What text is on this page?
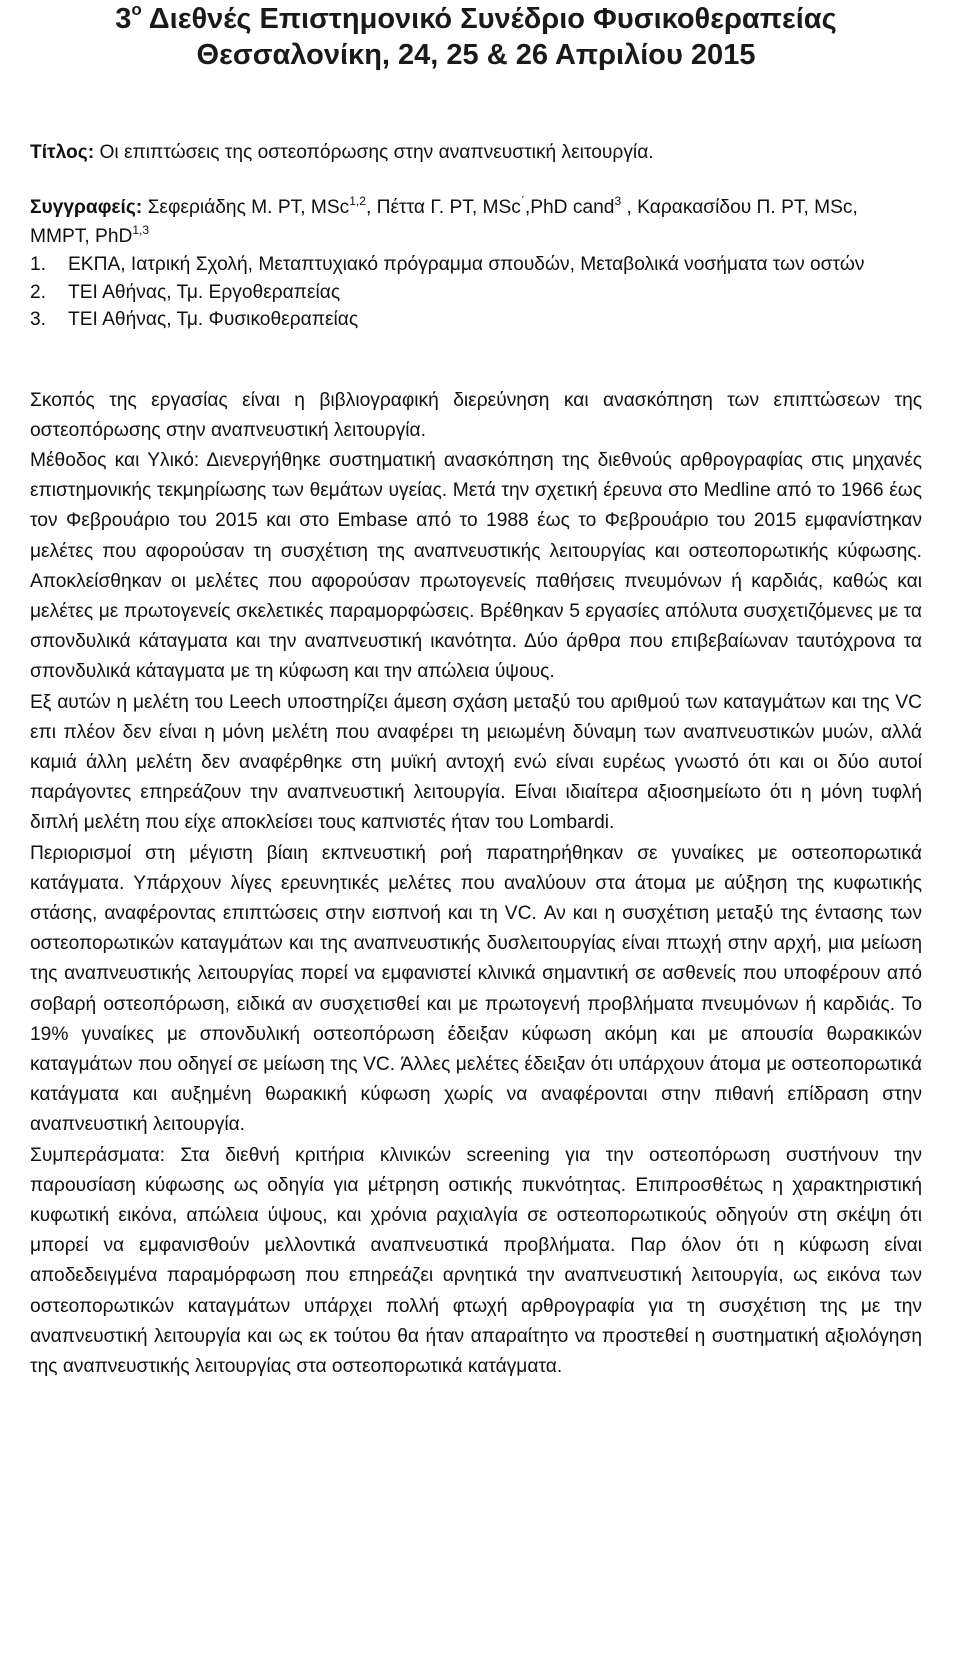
$3^o$ Διεθνές Επιστημονικό Συνέδριο Φυσικοθεραπείας
Θεσσαλονίκη, 24, 25 & 26 Απριλίου 2015
Τίτλος: Οι επιπτώσεις της οστεοπόρωσης στην αναπνευστική λειτουργία.
Συγγραφείς: Σεφεριάδης Μ. PT, MSc$^{1,2}$, Πέττα Γ. PT, MSc΄,PhD cand$^3$ , Καρακασίδου Π. PT, MSc, MMPT, PhD$^{1,3}$
1. ΕΚΠΑ, Ιατρική Σχολή, Μεταπτυχιακό πρόγραμμα σπουδών, Μεταβολικά νοσήματα των οστών
2. ΤΕΙ Αθήνας, Τμ. Εργοθεραπείας
3. ΤΕΙ Αθήνας, Τμ. Φυσικοθεραπείας

Σκοπός της εργασίας είναι η βιβλιογραφική διερεύνηση και ανασκόπηση των επιπτώσεων της οστεοπόρωσης στην αναπνευστική λειτουργία.

Μέθοδος και Υλικό: Διενεργήθηκε συστηματική ανασκόπηση της διεθνούς αρθρογραφίας στις μηχανές επιστημονικής τεκμηρίωσης των θεμάτων υγείας. Μετά την σχετική έρευνα στο Medline από το 1966 έως τον Φεβρουάριο του 2015 και στο Embase από το 1988 έως το Φεβρουάριο του 2015 εμφανίστηκαν μελέτες που αφορούσαν τη συσχέτιση της αναπνευστικής λειτουργίας και οστεοπορωτικής κύφωσης. Αποκλείσθηκαν οι μελέτες που αφορούσαν πρωτογενείς παθήσεις πνευμόνων ή καρδιάς, καθώς και μελέτες με πρωτογενείς σκελετικές παραμορφώσεις. Βρέθηκαν 5 εργασίες απόλυτα συσχετιζόμενες με τα σπονδυλικά κάταγματα και την αναπνευστική ικανότητα. Δύο άρθρα που επιβεβαίωναν ταυτόχρονα τα σπονδυλικά κάταγματα με τη κύφωση και την απώλεια ύψους.

Εξ αυτών η μελέτη του Leech υποστηρίζει άμεση σχάση μεταξύ του αριθμού των καταγμάτων και της VC επι πλέον δεν είναι η μόνη μελέτη που αναφέρει τη μειωμένη δύναμη των αναπνευστικών μυών, αλλά καμιά άλλη μελέτη δεν αναφέρθηκε στη μυϊκή αντοχή ενώ είναι ευρέως γνωστό ότι και οι δύο αυτοί παράγοντες επηρεάζουν την αναπνευστική λειτουργία. Είναι ιδιαίτερα αξιοσημείωτο ότι η μόνη τυφλή διπλή μελέτη που είχε αποκλείσει τους καπνιστές ήταν του Lombardi.

Περιορισμοί στη μέγιστη βίαιη εκπνευστική ροή παρατηρήθηκαν σε γυναίκες με οστεοπορωτικά κατάγματα. Υπάρχουν λίγες ερευνητικές μελέτες που αναλύουν στα άτομα με αύξηση της κυφωτικής στάσης, αναφέροντας επιπτώσεις στην εισπνοή και τη VC. Αν και η συσχέτιση μεταξύ της έντασης των οστεοπορωτικών καταγμάτων και της αναπνευστικής δυσλειτουργίας είναι πτωχή στην αρχή, μια μείωση της αναπνευστικής λειτουργίας πορεί να εμφανιστεί κλινικά σημαντική σε ασθενείς που υποφέρουν από σοβαρή οστεοπόρωση, ειδικά αν συσχετισθεί και με πρωτογενή προβλήματα πνευμόνων ή καρδιάς. Το 19% γυναίκες με σπονδυλική οστεοπόρωση έδειξαν κύφωση ακόμη και με απουσία θωρακικών καταγμάτων που οδηγεί σε μείωση της VC. Άλλες μελέτες έδειξαν ότι υπάρχουν άτομα με οστεοπορωτικά κατάγματα και αυξημένη θωρακική κύφωση χωρίς να αναφέρονται στην πιθανή επίδραση στην αναπνευστική λειτουργία.

Συμπεράσματα: Στα διεθνή κριτήρια κλινικών screening για την οστεοπόρωση συστήνουν την παρουσίαση κύφωσης ως οδηγία για μέτρηση οστικής πυκνότητας. Επιπροσθέτως η χαρακτηριστική κυφωτική εικόνα, απώλεια ύψους, και χρόνια ραχιαλγία σε οστεοπορωτικούς οδηγούν στη σκέψη ότι μπορεί να εμφανισθούν μελλοντικά αναπνευστικά προβλήματα. Παρ όλον ότι η κύφωση είναι αποδεδειγμένα παραμόρφωση που επηρεάζει αρνητικά την αναπνευστική λειτουργία, ως εικόνα των οστεοπορωτικών καταγμάτων υπάρχει πολλή φτωχή αρθρογραφία για τη συσχέτιση της με την αναπνευστική λειτουργία και ως εκ τούτου θα ήταν απαραίτητο να προστεθεί η συστηματική αξιολόγηση της αναπνευστικής λειτουργίας στα οστεοπορωτικά κατάγματα.
